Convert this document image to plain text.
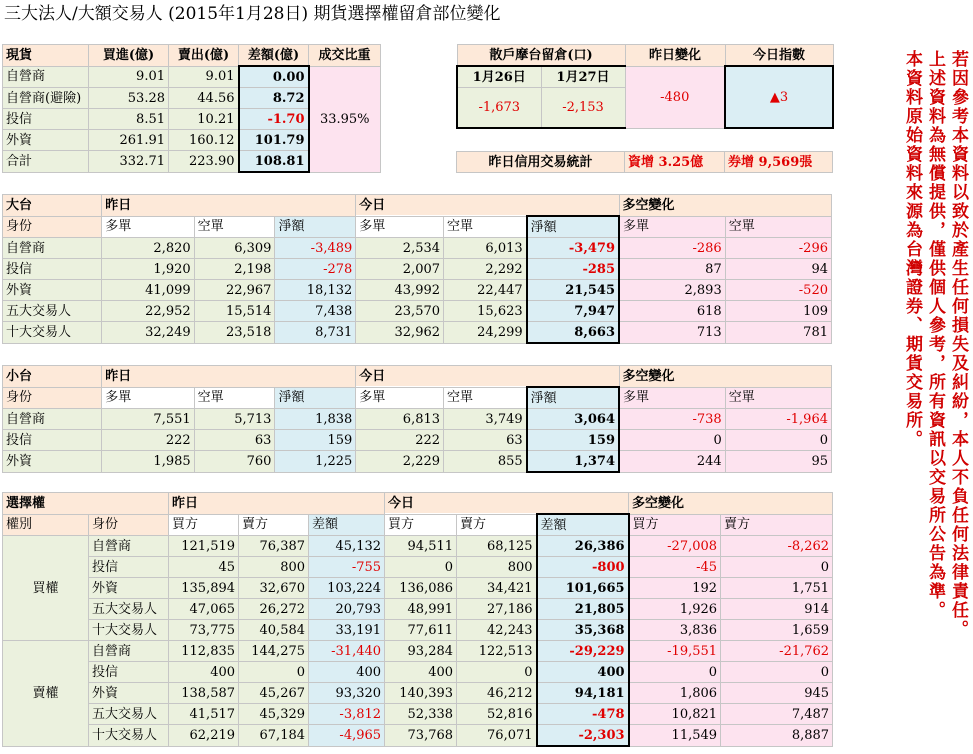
三大法人/大額交易人 (2015年1月28日) 期貨選擇權留倉部位變化
現貨	買進(億)	賣出(億)	差額(億)	成交比重
自營商	9.01	9.01	0.00	33.95%
自營商(避險)	53.28	44.56	8.72	
投信	8.51	10.21	-1.70	
外資	261.91	160.12	101.79	
合計	332.71	223.90	108.81	
散戶摩台留倉(口)		昨日變化	今日指數
1月26日	1月27日	-480	▲3
-1,673	-2,153		
昨日信用交易統計	資增 3.25億	券增 9,569張
大台	昨日			今日			多空變化	
身份	多單	空單	淨額	多單	空單	淨額	多單	空單
自營商	2,820	6,309	-3,489	2,534	6,013	-3,479	-286	-296
投信	1,920	2,198	-278	2,007	2,292	-285	87	94
外資	41,099	22,967	18,132	43,992	22,447	21,545	2,893	-520
五大交易人	22,952	15,514	7,438	23,570	15,623	7,947	618	109
十大交易人	32,249	23,518	8,731	32,962	24,299	8,663	713	781
小台	昨日			今日			多空變化	
身份	多單	空單	淨額	多單	空單	淨額	多單	空單
自營商	7,551	5,713	1,838	6,813	3,749	3,064	-738	-1,964
投信	222	63	159	222	63	159	0	0
外資	1,985	760	1,225	2,229	855	1,374	244	95
選擇權		昨日			今日			多空變化	
權別	身份	買方	賣方	差額	買方	賣方	差額	買方	賣方
買權	自營商	121,519	76,387	45,132	94,511	68,125	26,386	-27,008	-8,262
	投信	45	800	-755	0	800	-800	-45	0
	外資	135,894	32,670	103,224	136,086	34,421	101,665	192	1,751
	五大交易人	47,065	26,272	20,793	48,991	27,186	21,805	1,926	914
	十大交易人	73,775	40,584	33,191	77,611	42,243	35,368	3,836	1,659
賣權	自營商	112,835	144,275	-31,440	93,284	122,513	-29,229	-19,551	-21,762
	投信	400	0	400	400	0	400	0	0
	外資	138,587	45,267	93,320	140,393	46,212	94,181	1,806	945
	五大交易人	41,517	45,329	-3,812	52,338	52,816	-478	10,821	7,487
	十大交易人	62,219	67,184	-4,965	73,768	76,071	-2,303	11,549	8,887
若因參考本資料以致於產生任何損失及糾紛，本人不負任何法律責任。
上述資料為無償提供，僅供個人參考，所有資訊以交易所公告為準。
本資料原始資料來源為台灣證券、期貨交易所。
